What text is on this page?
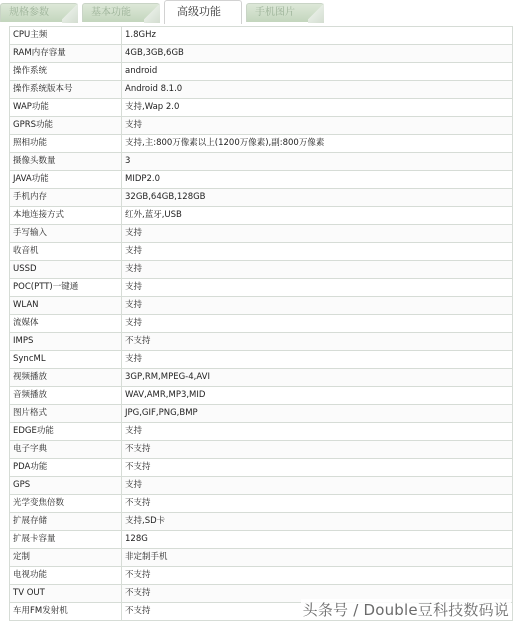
规格参数	基本功能	高级功能	手机图片
CPU主频	1.8GHz
RAM内存容量	4GB,3GB,6GB
操作系统	android
操作系统版本号	Android 8.1.0
WAP功能	支持,Wap 2.0
GPRS功能	支持
照相功能	支持,主:800万像素以上(1200万像素),副:800万像素
摄像头数量	3
JAVA功能	MIDP2.0
手机内存	32GB,64GB,128GB
本地连接方式	红外,蓝牙,USB
手写输入	支持
收音机	支持
USSD	支持
POC(PTT)一键通	支持
WLAN	支持
流媒体	支持
IMPS	不支持
SyncML	支持
视频播放	3GP,RM,MPEG-4,AVI
音频播放	WAV,AMR,MP3,MID
图片格式	JPG,GIF,PNG,BMP
EDGE功能	支持
电子字典	不支持
PDA功能	不支持
GPS	支持
光学变焦倍数	不支持
扩展存储	支持,SD卡
扩展卡容量	128G
定制	非定制手机
电视功能	不支持
TV OUT	不支持
车用FM发射机	不支持	头条号 / Double豆科技数码说
